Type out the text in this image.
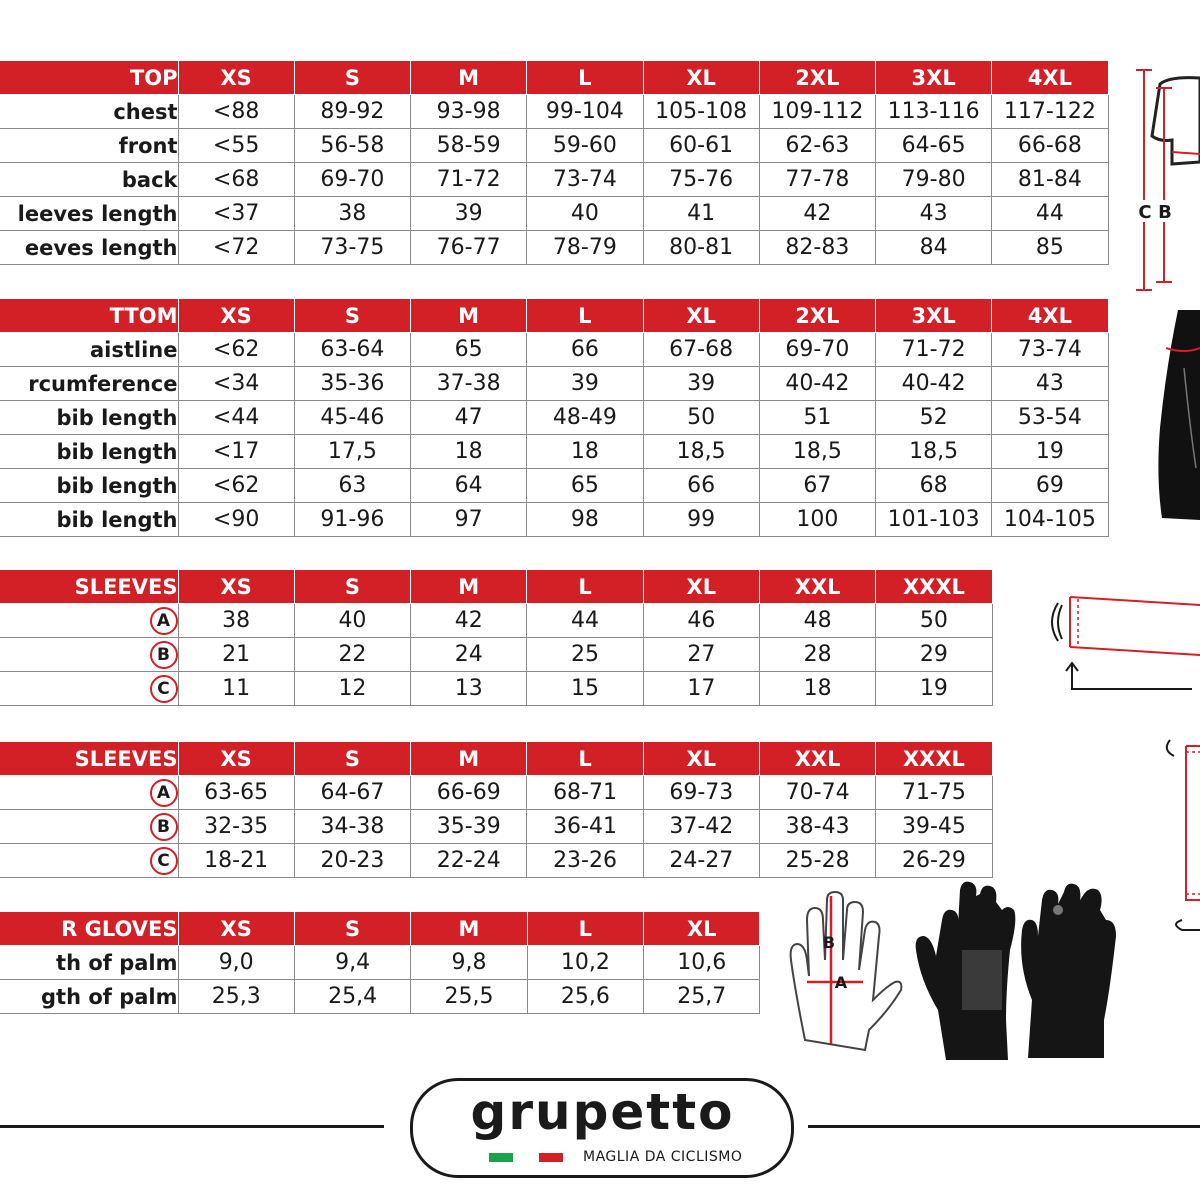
TOP	XS	S	M	L	XL	2XL	3XL	4XL
chest	<88	89-92	93-98	99-104	105-108	109-112	113-116	117-122
front	<55	56-58	58-59	59-60	60-61	62-63	64-65	66-68
back	<68	69-70	71-72	73-74	75-76	77-78	79-80	81-84
leeves length	<37	38	39	40	41	42	43	44
eeves length	<72	73-75	76-77	78-79	80-81	82-83	84	85
TTOM	XS	S	M	L	XL	2XL	3XL	4XL
aistline	<62	63-64	65	66	67-68	69-70	71-72	73-74
rcumference	<34	35-36	37-38	39	39	40-42	40-42	43
bib length	<44	45-46	47	48-49	50	51	52	53-54
bib length	<17	17,5	18	18	18,5	18,5	18,5	19
bib length	<62	63	64	65	66	67	68	69
bib length	<90	91-96	97	98	99	100	101-103	104-105
SLEEVES	XS	S	M	L	XL	XXL	XXXL
A	38	40	42	44	46	48	50
B	21	22	24	25	27	28	29
C	11	12	13	15	17	18	19
SLEEVES	XS	S	M	L	XL	XXL	XXXL
A	63-65	64-67	66-69	68-71	69-73	70-74	71-75
B	32-35	34-38	35-39	36-41	37-42	38-43	39-45
C	18-21	20-23	22-24	23-26	24-27	25-28	26-29
R GLOVES	XS	S	M	L	XL
th of palm	9,0	9,4	9,8	10,2	10,6
gth of palm	25,3	25,4	25,5	25,6	25,7
C B
B
A
grupetto
MAGLIA DA CICLISMO
